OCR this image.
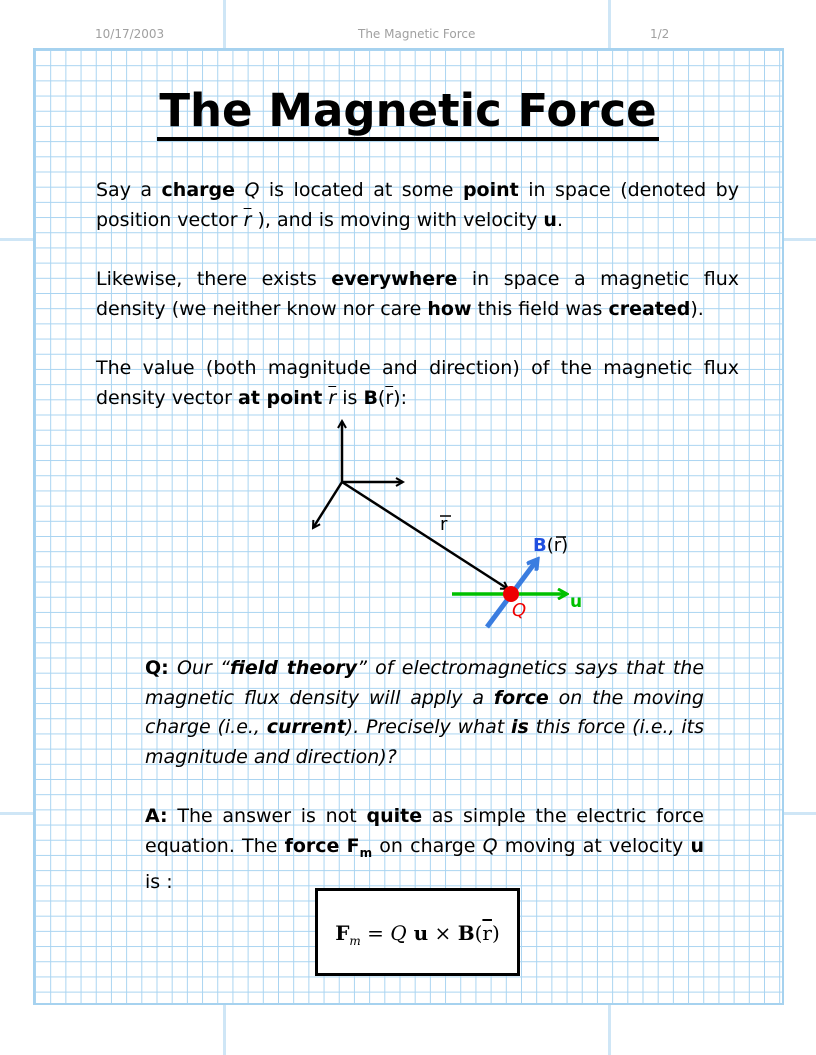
10/17/2003	The Magnetic Force	1/2
The Magnetic Force
Say a charge Q is located at some point in space (denoted by position vector $\overline{r}$ ), and is moving with velocity u.
Likewise, there exists everywhere in space a magnetic flux density (we neither know nor care how this field was created).
The value (both magnitude and direction) of the magnetic flux density vector at point $\overline{r}$ is $B(\overline{r})$:
r
B(r)
Q	u
Q: Our “field theory” of electromagnetics says that the magnetic flux density will apply a force on the moving charge (i.e., current). Precisely what is this force (i.e., its magnitude and direction)?
A: The answer is not quite as simple the electric force equation. The force $F_m$ on charge Q moving at velocity u is :
$F_m = Q$ $u \times B(\overline{r})$
